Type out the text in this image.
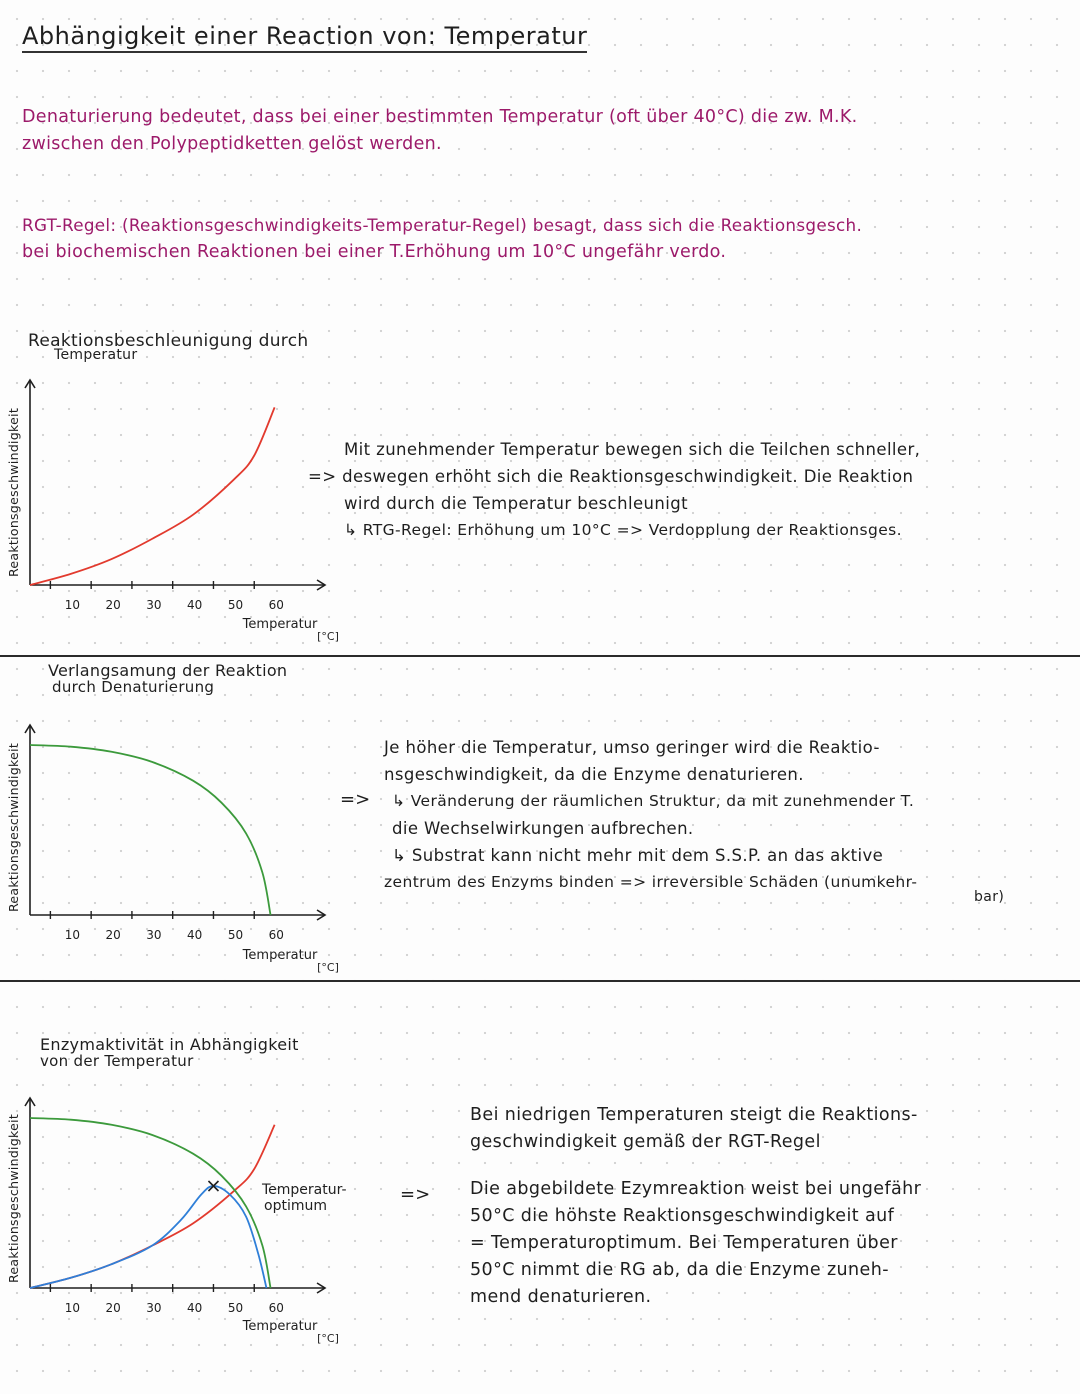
Abhängigkeit einer Reaction von: Temperatur
Denaturierung bedeutet, dass bei einer bestimmten Temperatur (oft über 40°C) die zw. M.K.
zwischen den Polypeptidketten gelöst werden.
RGT-Regel: (Reaktionsgeschwindigkeits-Temperatur-Regel) besagt, dass sich die Reaktionsgesch.
bei biochemischen Reaktionen bei einer T.Erhöhung um 10°C ungefähr verdo.
Reaktionsbeschleunigung durch
Temperatur
Reaktionsgeschwindigkeit
10 20 30 40 50 60
Temperatur
[°C]
Mit zunehmender Temperatur bewegen sich die Teilchen schneller,
=> deswegen erhöht sich die Reaktionsgeschwindigkeit. Die Reaktion
wird durch die Temperatur beschleunigt
↳ RTG-Regel: Erhöhung um 10°C => Verdopplung der Reaktionsges.
Verlangsamung der Reaktion
durch Denaturierung
Reaktionsgeschwindigkeit
10 20 30 40 50 60
Temperatur
[°C]
=>
Je höher die Temperatur, umso geringer wird die Reaktio-
nsgeschwindigkeit, da die Enzyme denaturieren.
↳ Veränderung der räumlichen Struktur, da mit zunehmender T.
die Wechselwirkungen aufbrechen.
↳ Substrat kann nicht mehr mit dem S.S.P. an das aktive
zentrum des Enzyms binden => irreversible Schäden (unumkehr-
bar)
Enzymaktivität in Abhängigkeit
von der Temperatur
Reaktionsgeschwindigkeit
10 20 30 40 50 60
Temperatur
[°C]
Temperatur-
optimum
=>
Bei niedrigen Temperaturen steigt die Reaktions-
geschwindigkeit gemäß der RGT-Regel
Die abgebildete Ezymreaktion weist bei ungefähr
50°C die höhste Reaktionsgeschwindigkeit auf
= Temperaturoptimum. Bei Temperaturen über
50°C nimmt die RG ab, da die Enzyme zuneh-
mend denaturieren.
